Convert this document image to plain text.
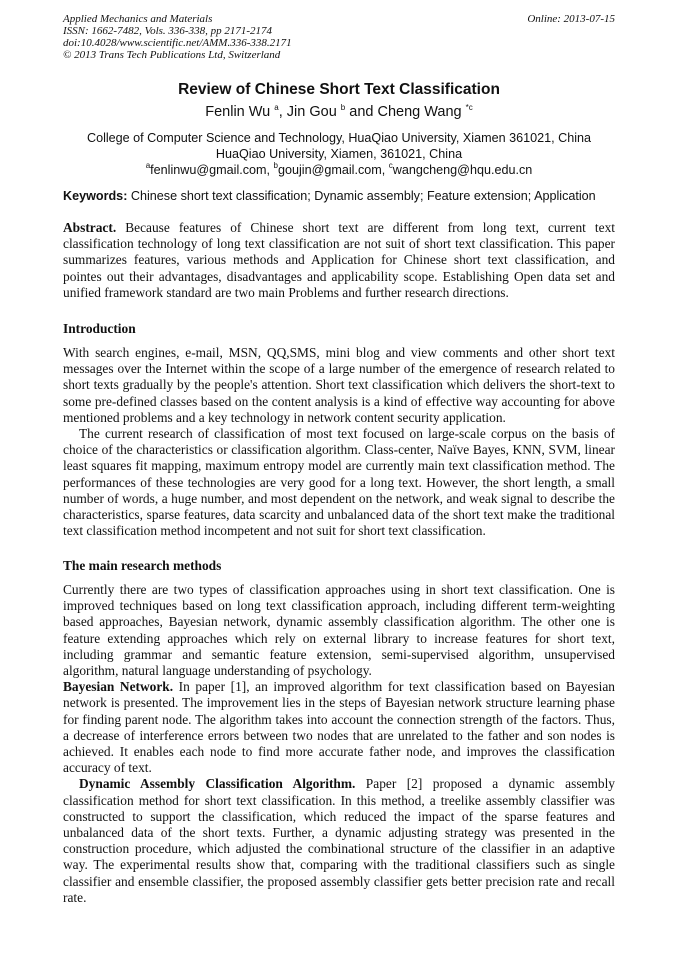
Applied Mechanics and Materials
ISSN: 1662-7482, Vols. 336-338, pp 2171-2174
doi:10.4028/www.scientific.net/AMM.336-338.2171
© 2013 Trans Tech Publications Ltd, Switzerland
Online: 2013-07-15
Review of Chinese Short Text Classification
Fenlin Wu $^a$, Jin Gou $^b$ and Cheng Wang $^{*c}$
College of Computer Science and Technology, HuaQiao University, Xiamen 361021, China
HuaQiao University, Xiamen, 361021, China
$^a$fenlinwu@gmail.com, $^b$goujin@gmail.com, $^c$wangcheng@hqu.edu.cn
Keywords: Chinese short text classification; Dynamic assembly; Feature extension; Application

Abstract. Because features of Chinese short text are different from long text, current text classification technology of long text classification are not suit of short text classification. This paper summarizes features, various methods and Application for Chinese short text classification, and pointes out their advantages, disadvantages and applicability scope. Establishing Open data set and unified framework standard are two main Problems and further research directions.

Introduction

With search engines, e-mail, MSN, QQ,SMS, mini blog and view comments and other short text messages over the Internet within the scope of a large number of the emergence of research related to short texts gradually by the people's attention. Short text classification which delivers the short-text to some pre-defined classes based on the content analysis is a kind of effective way accounting for above mentioned problems and a key technology in network content security application.

The current research of classification of most text focused on large-scale corpus on the basis of choice of the characteristics or classification algorithm. Class-center, Naïve Bayes, KNN, SVM, linear least squares fit mapping, maximum entropy model are currently main text classification method. The performances of these technologies are very good for a long text. However, the short length, a small number of words, a huge number, and most dependent on the network, and weak signal to describe the characteristics, sparse features, data scarcity and unbalanced data of the short text make the traditional text classification method incompetent and not suit for short text classification.

The main research methods

Currently there are two types of classification approaches using in short text classification. One is improved techniques based on long text classification approach, including different term-weighting based approaches, Bayesian network, dynamic assembly classification algorithm. The other one is feature extending approaches which rely on external library to increase features for short text, including grammar and semantic feature extension, semi-supervised algorithm, unsupervised algorithm, natural language understanding of psychology.

Bayesian Network. In paper [1], an improved algorithm for text classification based on Bayesian network is presented. The improvement lies in the steps of Bayesian network structure learning phase for finding parent node. The algorithm takes into account the connection strength of the factors. Thus, a decrease of interference errors between two nodes that are unrelated to the father and son nodes is achieved. It enables each node to find more accurate father node, and improves the classification accuracy of text.

Dynamic Assembly Classification Algorithm. Paper [2] proposed a dynamic assembly classification method for short text classification. In this method, a treelike assembly classifier was constructed to support the classification, which reduced the impact of the sparse features and unbalanced data of the short texts. Further, a dynamic adjusting strategy was presented in the construction procedure, which adjusted the combinational structure of the classifier in an adaptive way. The experimental results show that, comparing with the traditional classifiers such as single classifier and ensemble classifier, the proposed assembly classifier gets better precision rate and recall rate.
